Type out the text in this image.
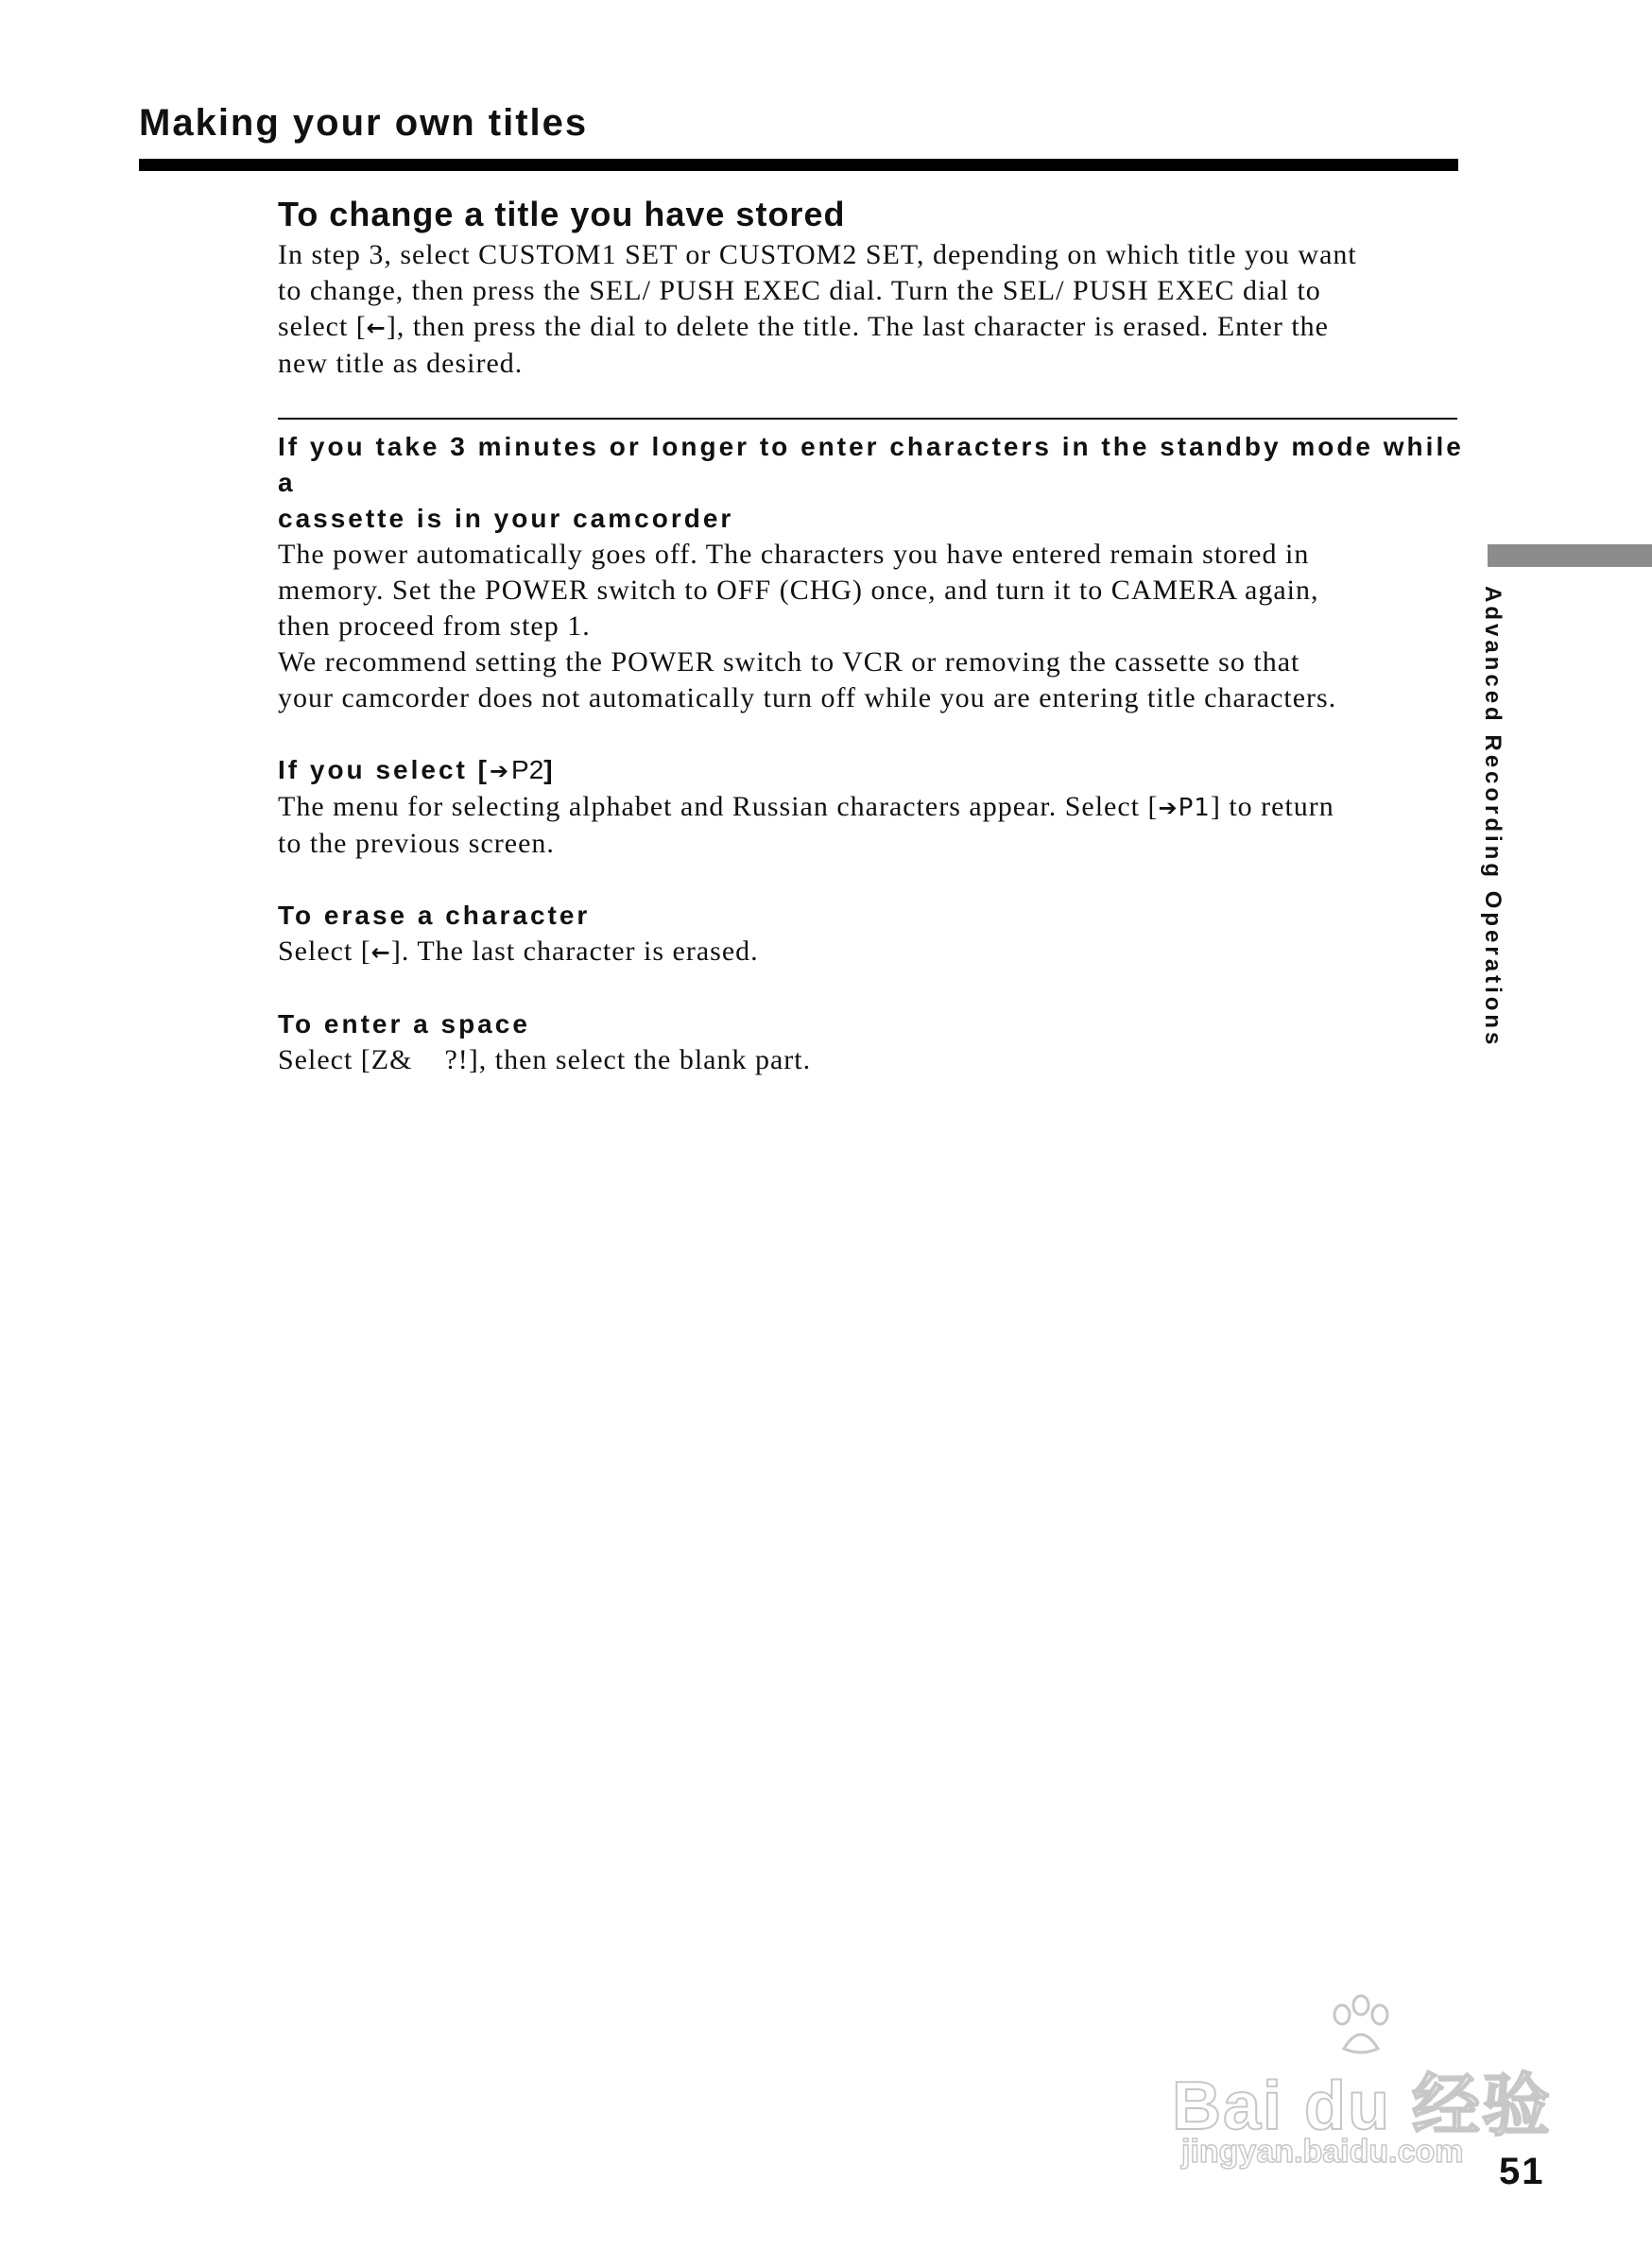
Making your own titles
To change a title you have stored

In step 3, select CUSTOM1 SET or CUSTOM2 SET, depending on which title you want

to change, then press the SEL/ PUSH EXEC dial. Turn the SEL/ PUSH EXEC dial to

select [←], then press the dial to delete the title. The last character is erased. Enter the

new title as desired.

If you take 3 minutes or longer to enter characters in the standby mode while a
cassette is in your camcorder

The power automatically goes off. The characters you have entered remain stored in

memory. Set the POWER switch to OFF (CHG) once, and turn it to CAMERA again,

then proceed from step 1.

We recommend setting the POWER switch to VCR or removing the cassette so that

your camcorder does not automatically turn off while you are entering title characters.

If you select [➔P2]

The menu for selecting alphabet and Russian characters appear. Select [➔P1] to return

to the previous screen.

To erase a character

Select [←]. The last character is erased.

To enter a space

Select [Z&    ?!], then select the blank part.

Advanced Recording Operations

Bai du 经验
jingyan.baidu.com 51
